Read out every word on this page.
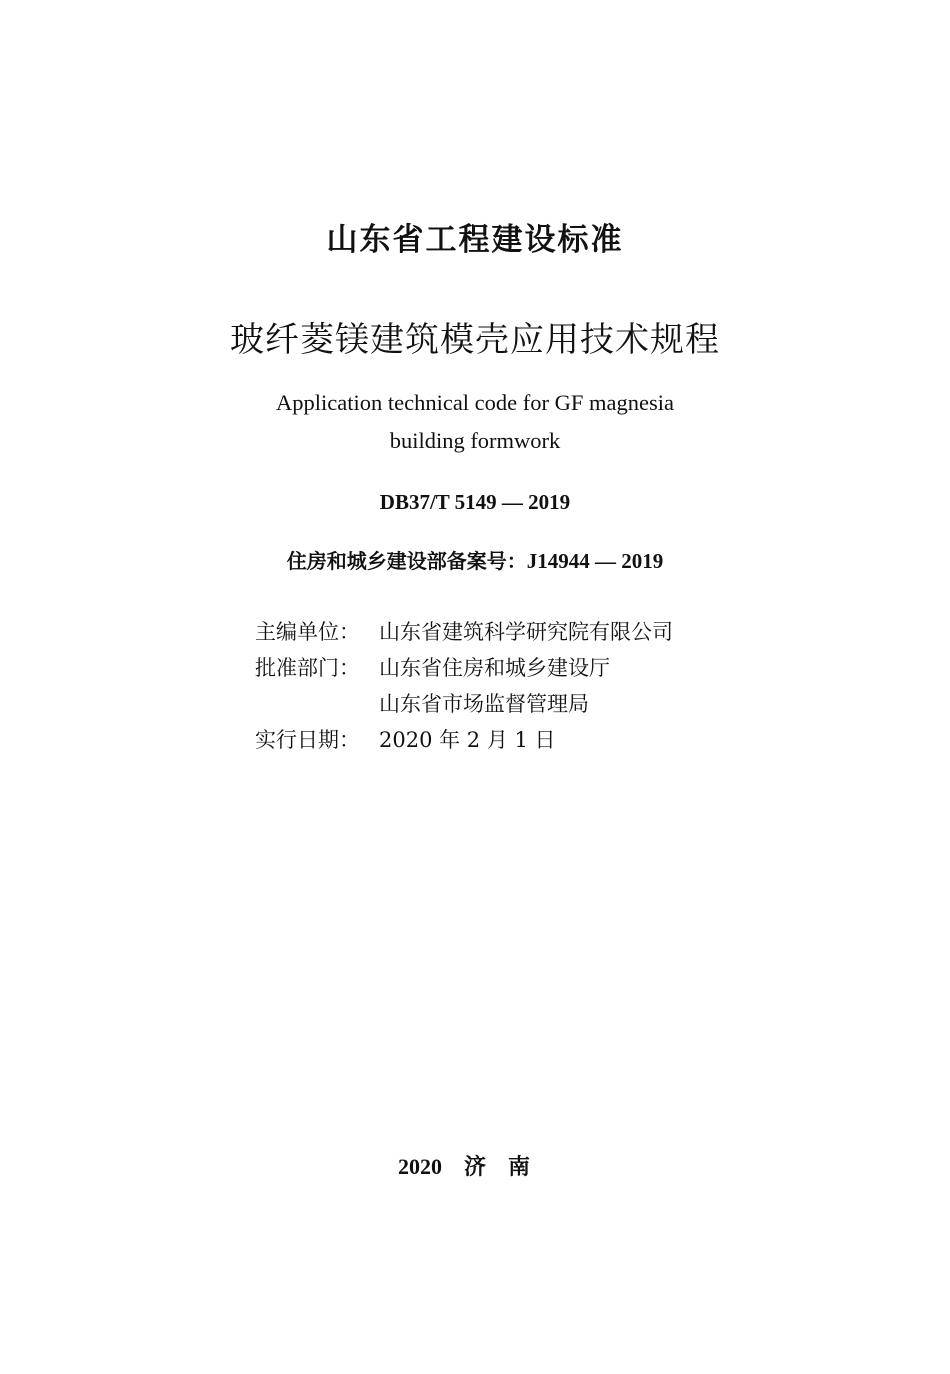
山东省工程建设标准
玻纤菱镁建筑模壳应用技术规程
Application technical code for GF magnesia
building formwork
DB37/T 5149 — 2019
住房和城乡建设部备案号：J14944 — 2019
主编单位： 山东省建筑科学研究院有限公司
批准部门： 山东省住房和城乡建设厅
山东省市场监督管理局
实行日期： 2020 年 2 月 1 日
2020 济南
